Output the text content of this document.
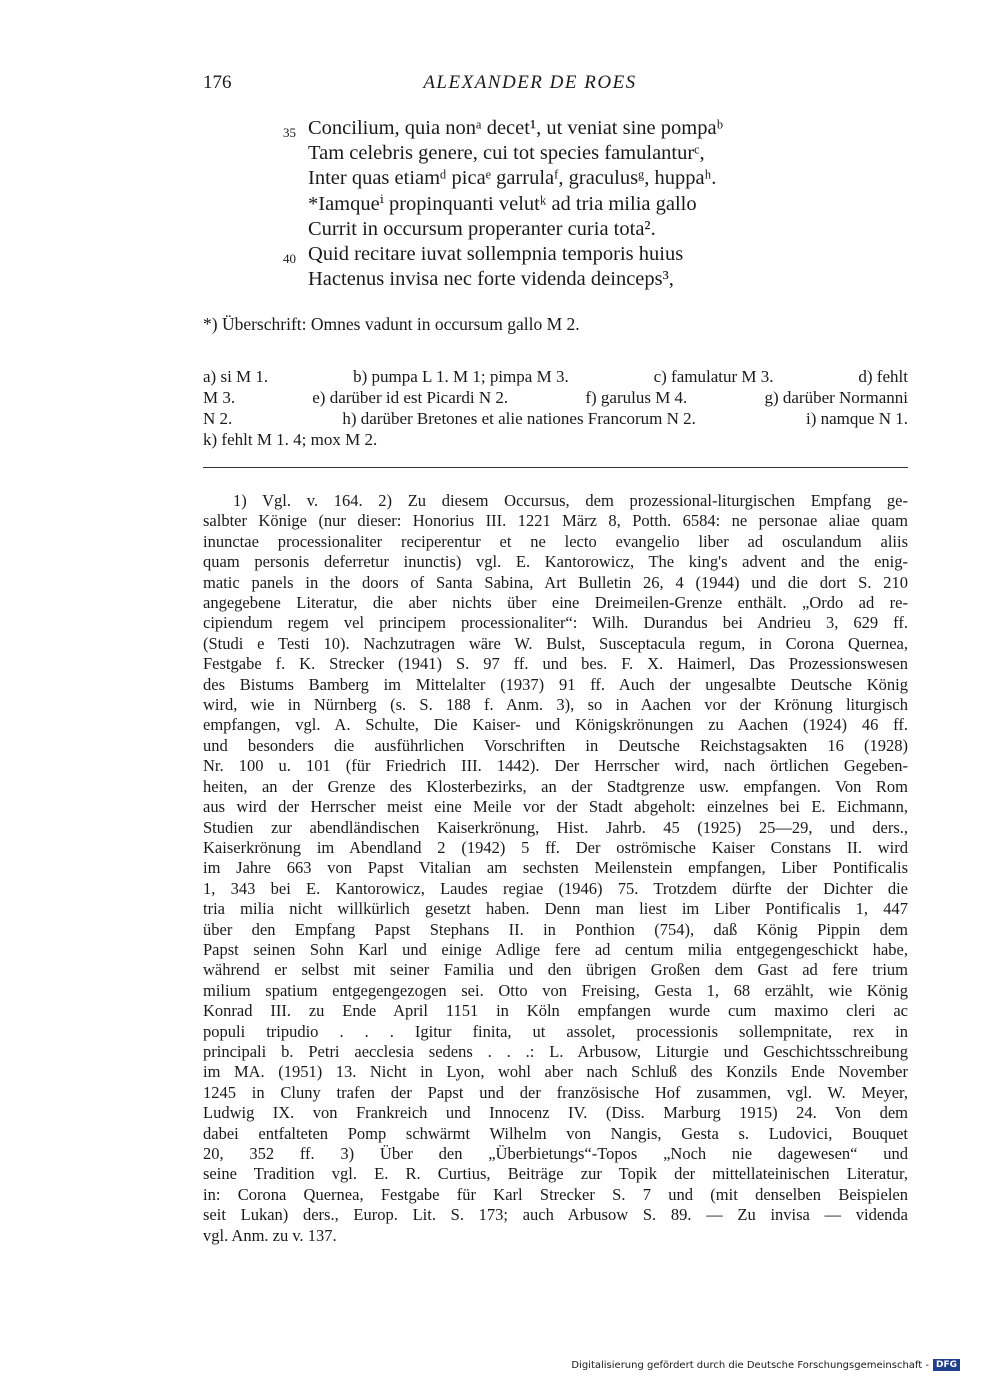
176	ALEXANDER DE ROES
35 Concilium, quia nonᵃ decet¹, ut veniat sine pompaᵇ
Tam celebris genere, cui tot species famulanturᶜ,
Inter quas etiamᵈ picaᵉ garrulaᶠ, graculusᵍ, huppaʰ.
*Iamqueⁱ propinquanti velutᵏ ad tria milia gallo
Currit in occursum properanter curia tota².
40 Quid recitare iuvat sollempnia temporis huius
Hactenus invisa nec forte videnda deinceps³,
*) Überschrift: Omnes vadunt in occursum gallo M 2.
a) si M 1.	b) pumpa L 1. M 1; pimpa M 3.	c) famulatur M 3.	d) fehlt
M 3.	e) darüber id est Picardi N 2.	f) garulus M 4.	g) darüber Normanni
N 2.	h) darüber Bretones et alie nationes Francorum N 2.	i) namque N 1.
k) fehlt M 1. 4; mox M 2.
1) Vgl. v. 164. 2) Zu diesem Occursus, dem prozessional-liturgischen Empfang ge-
salbter Könige (nur dieser: Honorius III. 1221 März 8, Potth. 6584: ne personae aliae quam
inunctae processionaliter reciperentur et ne lecto evangelio liber ad osculandum aliis
quam personis deferretur inunctis) vgl. E. Kantorowicz, The king's advent and the enig-
matic panels in the doors of Santa Sabina, Art Bulletin 26, 4 (1944) und die dort S. 210
angegebene Literatur, die aber nichts über eine Dreimeilen-Grenze enthält. „Ordo ad re-
cipiendum regem vel principem processionaliter“: Wilh. Durandus bei Andrieu 3, 629 ff.
(Studi e Testi 10). Nachzutragen wäre W. Bulst, Susceptacula regum, in Corona Quernea,
Festgabe f. K. Strecker (1941) S. 97 ff. und bes. F. X. Haimerl, Das Prozessionswesen
des Bistums Bamberg im Mittelalter (1937) 91 ff. Auch der ungesalbte Deutsche König
wird, wie in Nürnberg (s. S. 188 f. Anm. 3), so in Aachen vor der Krönung liturgisch
empfangen, vgl. A. Schulte, Die Kaiser- und Königskrönungen zu Aachen (1924) 46 ff.
und besonders die ausführlichen Vorschriften in Deutsche Reichstagsakten 16 (1928)
Nr. 100 u. 101 (für Friedrich III. 1442). Der Herrscher wird, nach örtlichen Gegeben-
heiten, an der Grenze des Klosterbezirks, an der Stadtgrenze usw. empfangen. Von Rom
aus wird der Herrscher meist eine Meile vor der Stadt abgeholt: einzelnes bei E. Eichmann,
Studien zur abendländischen Kaiserkrönung, Hist. Jahrb. 45 (1925) 25—29, und ders.,
Kaiserkrönung im Abendland 2 (1942) 5 ff. Der oströmische Kaiser Constans II. wird
im Jahre 663 von Papst Vitalian am sechsten Meilenstein empfangen, Liber Pontificalis
1, 343 bei E. Kantorowicz, Laudes regiae (1946) 75. Trotzdem dürfte der Dichter die
tria milia nicht willkürlich gesetzt haben. Denn man liest im Liber Pontificalis 1, 447
über den Empfang Papst Stephans II. in Ponthion (754), daß König Pippin dem
Papst seinen Sohn Karl und einige Adlige fere ad centum milia entgegengeschickt habe,
während er selbst mit seiner Familia und den übrigen Großen dem Gast ad fere trium
milium spatium entgegengezogen sei. Otto von Freising, Gesta 1, 68 erzählt, wie König
Konrad III. zu Ende April 1151 in Köln empfangen wurde cum maximo cleri ac
populi tripudio . . . Igitur finita, ut assolet, processionis sollempnitate, rex in
principali b. Petri aecclesia sedens . . .: L. Arbusow, Liturgie und Geschichtsschreibung
im MA. (1951) 13. Nicht in Lyon, wohl aber nach Schluß des Konzils Ende November
1245 in Cluny trafen der Papst und der französische Hof zusammen, vgl. W. Meyer,
Ludwig IX. von Frankreich und Innocenz IV. (Diss. Marburg 1915) 24. Von dem
dabei entfalteten Pomp schwärmt Wilhelm von Nangis, Gesta s. Ludovici, Bouquet
20, 352 ff. 3) Über den „Überbietungs“-Topos „Noch nie dagewesen“ und
seine Tradition vgl. E. R. Curtius, Beiträge zur Topik der mittellateinischen Literatur,
in: Corona Quernea, Festgabe für Karl Strecker S. 7 und (mit denselben Beispielen
seit Lukan) ders., Europ. Lit. S. 173; auch Arbusow S. 89. — Zu invisa — videnda
vgl. Anm. zu v. 137.
Digitalisierung gefördert durch die Deutsche Forschungsgemeinschaft - DFG
